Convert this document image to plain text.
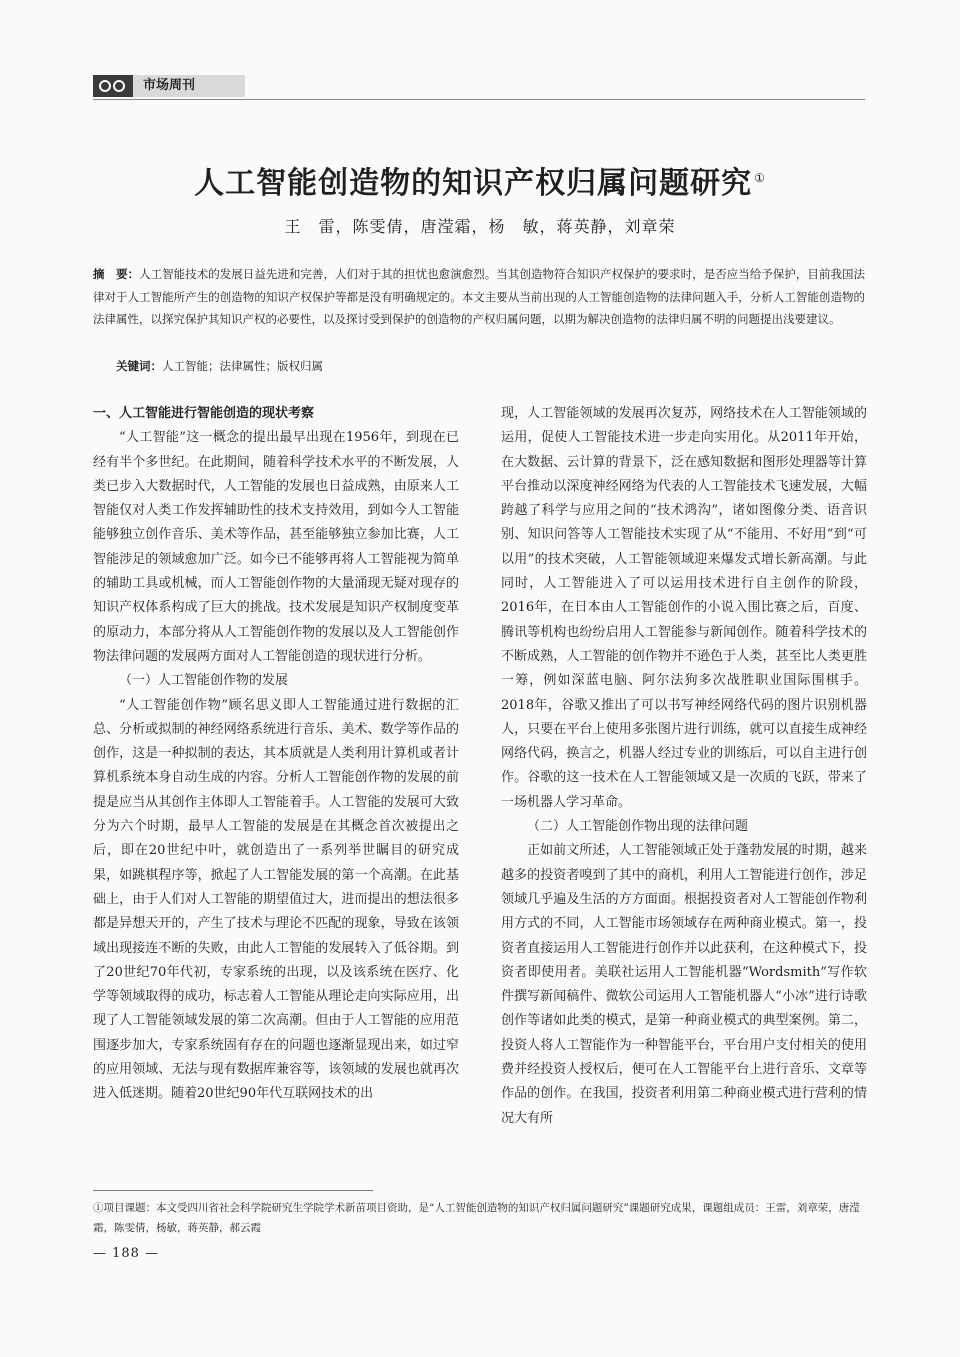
市场周刊
人工智能创造物的知识产权归属问题研究 ①
王　雷，陈雯倩，唐滢霜，杨　敏，蒋英静，刘章荣
摘　要：人工智能技术的发展日益先进和完善，人们对于其的担忧也愈演愈烈。当其创造物符合知识产权保护的要求时，是否应当给予保护，目前我国法律对于人工智能所产生的创造物的知识产权保护等都是没有明确规定的。本文主要从当前出现的人工智能创造物的法律问题入手，分析人工智能创造物的法律属性，以探究保护其知识产权的必要性，以及探讨受到保护的创造物的产权归属问题，以期为解决创造物的法律归属不明的问题提出浅要建议。
关键词：人工智能；法律属性；版权归属
一、人工智能进行智能创造的现状考察

“人工智能”这一概念的提出最早出现在1956年，到现在已经有半个多世纪。在此期间，随着科学技术水平的不断发展，人类已步入大数据时代，人工智能的发展也日益成熟，由原来人工智能仅对人类工作发挥辅助性的技术支持效用，到如今人工智能能够独立创作音乐、美术等作品，甚至能够独立参加比赛，人工智能涉足的领域愈加广泛。如今已不能够再将人工智能视为简单的辅助工具或机械，而人工智能创作物的大量涌现无疑对现存的知识产权体系构成了巨大的挑战。技术发展是知识产权制度变革的原动力，本部分将从人工智能创作物的发展以及人工智能创作物法律问题的发展两方面对人工智能创造的现状进行分析。

（一）人工智能创作物的发展

“人工智能创作物”顾名思义即人工智能通过进行数据的汇总、分析或拟制的神经网络系统进行音乐、美术、数学等作品的创作，这是一种拟制的表达，其本质就是人类利用计算机或者计算机系统本身自动生成的内容。分析人工智能创作物的发展的前提是应当从其创作主体即人工智能着手。人工智能的发展可大致分为六个时期，最早人工智能的发展是在其概念首次被提出之后，即在20世纪中叶，就创造出了一系列举世瞩目的研究成果，如跳棋程序等，掀起了人工智能发展的第一个高潮。在此基础上，由于人们对人工智能的期望值过大，进而提出的想法很多都是异想天开的，产生了技术与理论不匹配的现象，导致在该领域出现接连不断的失败，由此人工智能的发展转入了低谷期。到了20世纪70年代初，专家系统的出现，以及该系统在医疗、化学等领域取得的成功，标志着人工智能从理论走向实际应用，出现了人工智能领域发展的第二次高潮。但由于人工智能的应用范围逐步加大，专家系统固有存在的问题也逐渐显现出来，如过窄的应用领域、无法与现有数据库兼容等，该领域的发展也就再次进入低迷期。随着20世纪90年代互联网技术的出

现，人工智能领域的发展再次复苏，网络技术在人工智能领域的运用，促使人工智能技术进一步走向实用化。从2011年开始，在大数据、云计算的背景下，泛在感知数据和图形处理器等计算平台推动以深度神经网络为代表的人工智能技术飞速发展，大幅跨越了科学与应用之间的“技术鸿沟”，诸如图像分类、语音识别、知识问答等人工智能技术实现了从“不能用、不好用”到“可以用”的技术突破，人工智能领域迎来爆发式增长新高潮。与此同时，人工智能进入了可以运用技术进行自主创作的阶段，2016年，在日本由人工智能创作的小说入围比赛之后，百度、腾讯等机构也纷纷启用人工智能参与新闻创作。随着科学技术的不断成熟，人工智能的创作物并不逊色于人类，甚至比人类更胜一筹，例如深蓝电脑、阿尔法狗多次战胜职业国际围棋手。2018年，谷歌又推出了可以书写神经网络代码的图片识别机器人，只要在平台上使用多张图片进行训练，就可以直接生成神经网络代码，换言之，机器人经过专业的训练后，可以自主进行创作。谷歌的这一技术在人工智能领域又是一次质的飞跃，带来了一场机器人学习革命。

（二）人工智能创作物出现的法律问题

正如前文所述，人工智能领域正处于蓬勃发展的时期，越来越多的投资者嗅到了其中的商机，利用人工智能进行创作，涉足领域几乎遍及生活的方方面面。根据投资者对人工智能创作物利用方式的不同，人工智能市场领域存在两种商业模式。第一，投资者直接运用人工智能进行创作并以此获利，在这种模式下，投资者即使用者。美联社运用人工智能机器“Wordsmith”写作软件撰写新闻稿件、微软公司运用人工智能机器人“小冰”进行诗歌创作等诸如此类的模式，是第一种商业模式的典型案例。第二，投资人将人工智能作为一种智能平台，平台用户支付相关的使用费并经投资人授权后，便可在人工智能平台上进行音乐、文章等作品的创作。在我国，投资者利用第二种商业模式进行营利的情况大有所

①项目课题：本文受四川省社会科学院研究生学院学术新苗项目资助，是“人工智能创造物的知识产权归属问题研究”课题研究成果，课题组成员：王雷，刘章荣，唐滢霜，陈雯倩，杨敏，蒋英静，郝云霞
— 188 —
